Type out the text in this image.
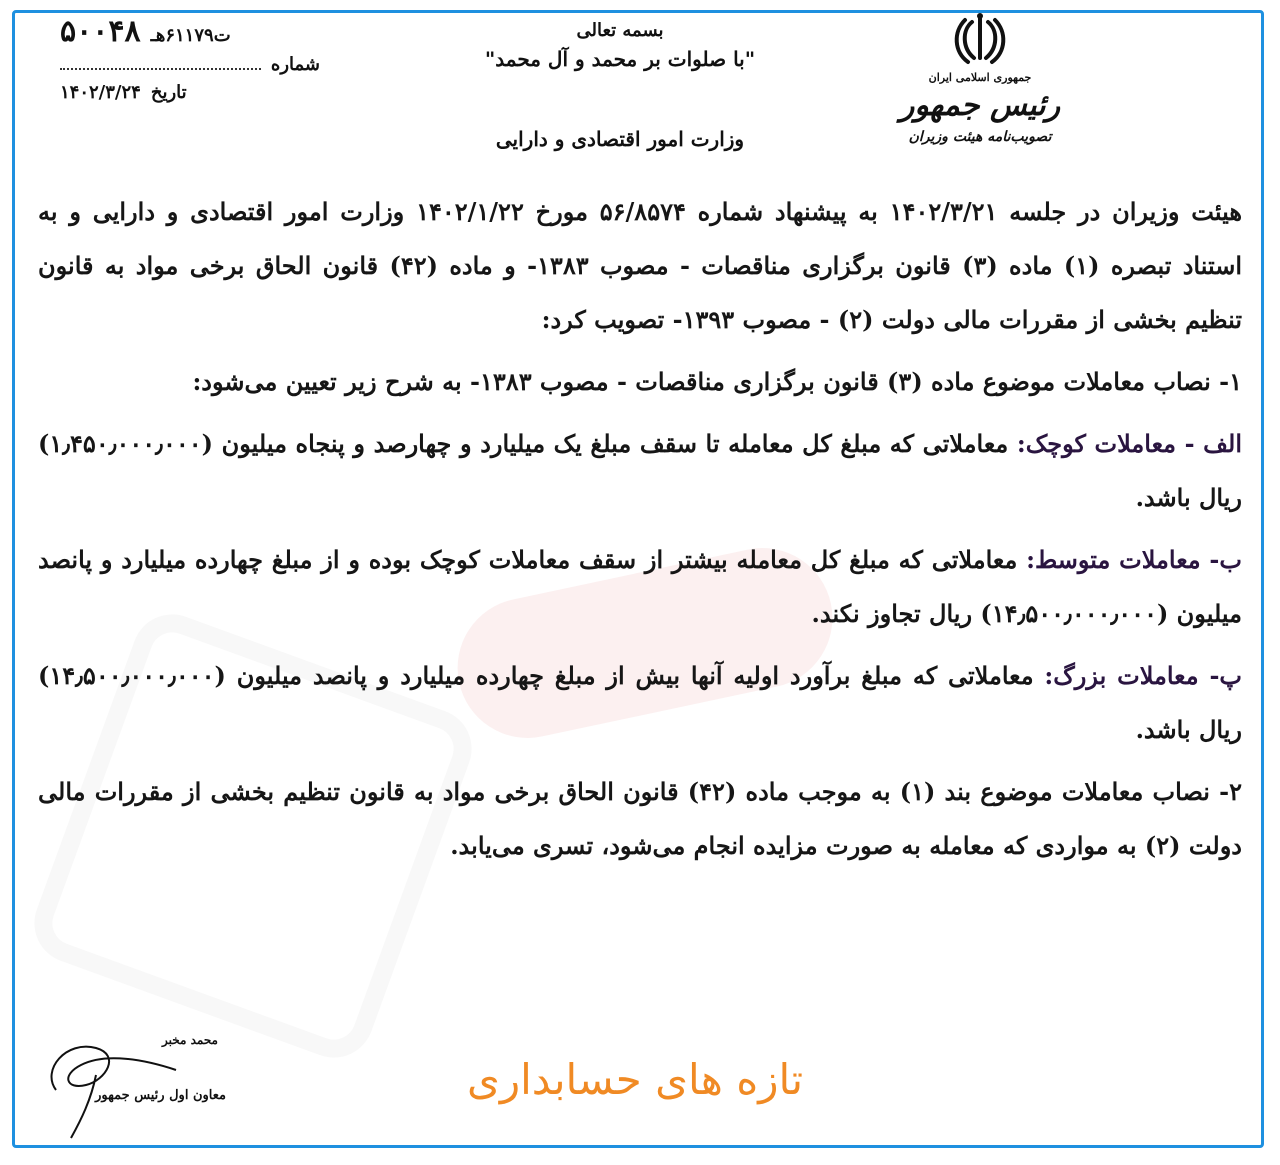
ت۶۱۱۷۹هـ
۵۰۰۴۸
شماره
تاریخ
۱۴۰۲/۳/۲۴
بسمه تعالی
"با صلوات بر محمد و آل محمد"
وزارت امور اقتصادی و دارایی
جمهوری اسلامی ایران
رئیس جمهور
تصویب‌نامه هیئت وزیران

هیئت وزیران در جلسه ۱۴۰۲/۳/۲۱ به پیشنهاد شماره ۵۶/۸۵۷۴ مورخ ۱۴۰۲/۱/۲۲ وزارت امور اقتصادی و دارایی و به استناد تبصره (۱) ماده (۳) قانون برگزاری مناقصات - مصوب ۱۳۸۳- و ماده (۴۲) قانون الحاق برخی مواد به قانون تنظیم بخشی از مقررات مالی دولت (۲) - مصوب ۱۳۹۳- تصویب کرد:

۱- نصاب معاملات موضوع ماده (۳) قانون برگزاری مناقصات - مصوب ۱۳۸۳- به شرح زیر تعیین می‌شود:

الف - معاملات کوچک: معاملاتی که مبلغ کل معامله تا سقف مبلغ یک میلیارد و چهارصد و پنجاه میلیون (۱٫۴۵۰٫۰۰۰٫۰۰۰) ریال باشد.

ب- معاملات متوسط: معاملاتی که مبلغ کل معامله بیشتر از سقف معاملات کوچک بوده و از مبلغ چهارده میلیارد و پانصد میلیون (۱۴٫۵۰۰٫۰۰۰٫۰۰۰) ریال تجاوز نکند.

پ- معاملات بزرگ: معاملاتی که مبلغ برآورد اولیه آنها بیش از مبلغ چهارده میلیارد و پانصد میلیون (۱۴٫۵۰۰٫۰۰۰٫۰۰۰) ریال باشد.

۲- نصاب معاملات موضوع بند (۱) به موجب ماده (۴۲) قانون الحاق برخی مواد به قانون تنظیم بخشی از مقررات مالی دولت (۲) به مواردی که معامله به صورت مزایده انجام می‌شود، تسری می‌یابد.

محمد مخبر
معاون اول رئیس جمهور	تازه های حسابداری
